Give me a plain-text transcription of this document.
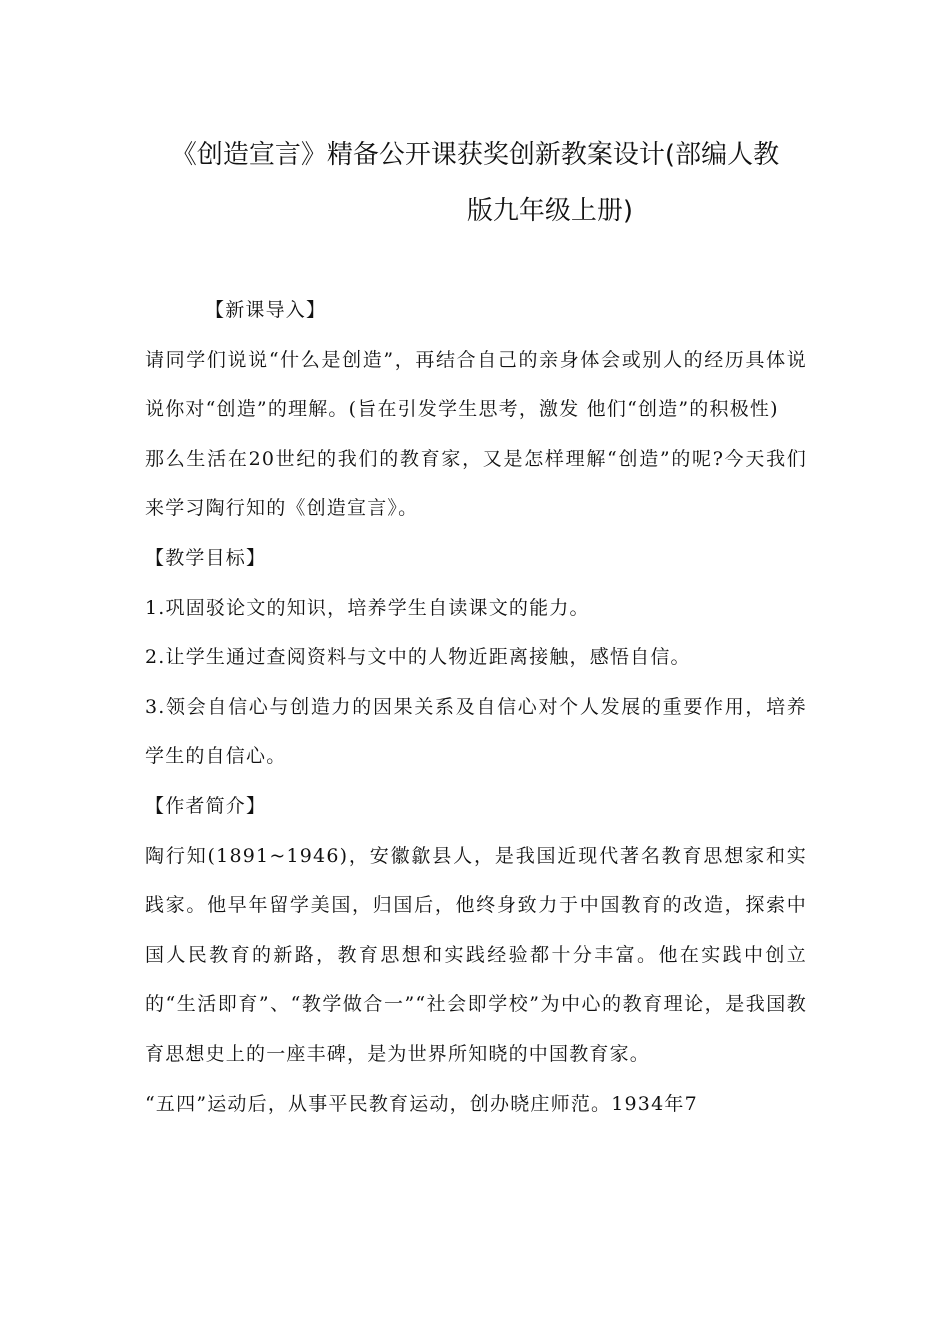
《创造宣言》精备公开课获奖创新教案设计(部编人教
版九年级上册)

【新课导入】

请同学们说说“什么是创造”，再结合自己的亲身体会或别人的经历具体说说你对“创造”的理解。(旨在引发学生思考，激发 他们“创造”的积极性)

那么生活在20世纪的我们的教育家，又是怎样理解“创造”的呢?今天我们来学习陶行知的《创造宣言》。

【教学目标】

1.巩固驳论文的知识，培养学生自读课文的能力。

2.让学生通过查阅资料与文中的人物近距离接触，感悟自信。

3.领会自信心与创造力的因果关系及自信心对个人发展的重要作用，培养学生的自信心。

【作者简介】

陶行知(1891~1946)，安徽歙县人，是我国近现代著名教育思想家和实践家。他早年留学美国，归国后，他终身致力于中国教育的改造，探索中国人民教育的新路，教育思想和实践经验都十分丰富。他在实践中创立的“生活即育”、“教学做合一”“社会即学校”为中心的教育理论，是我国教育思想史上的一座丰碑，是为世界所知晓的中国教育家。

“五四”运动后，从事平民教育运动，创办晓庄师范。1934年7
